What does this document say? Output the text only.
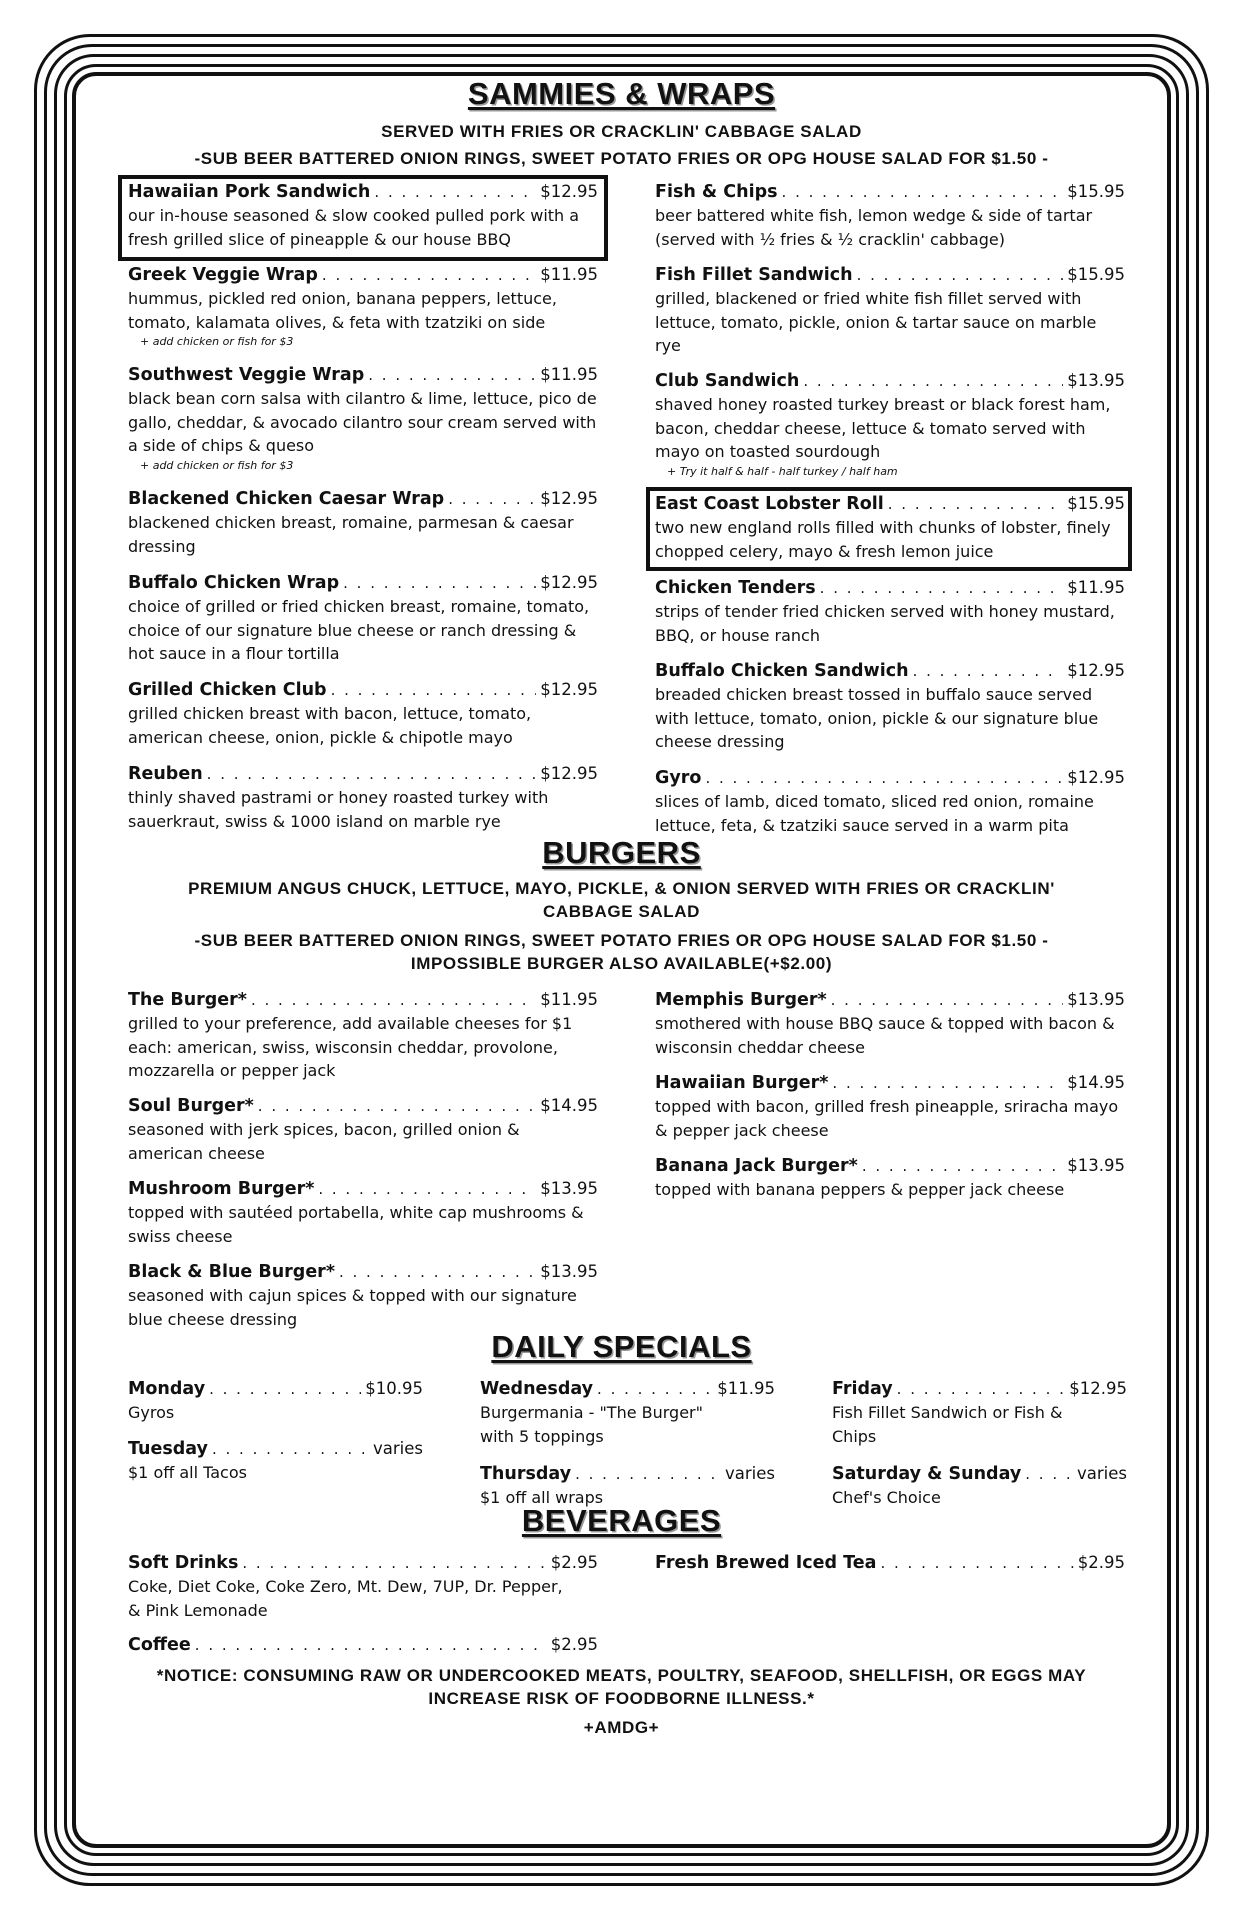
SAMMIES & WRAPS
SERVED WITH FRIES OR CRACKLIN' CABBAGE SALAD
-SUB BEER BATTERED ONION RINGS, SWEET POTATO FRIES OR OPG HOUSE SALAD FOR $1.50 -
Hawaiian Pork Sandwich . . .	$12.95
our in-house seasoned & slow cooked pulled pork with a fresh grilled slice of pineapple & our house BBQ
Greek Veggie Wrap . . .	$11.95
hummus, pickled red onion, banana peppers, lettuce, tomato, kalamata olives, & feta with tzatziki on side
+ add chicken or fish for $3
Southwest Veggie Wrap . . .	$11.95
black bean corn salsa with cilantro & lime, lettuce, pico de gallo, cheddar, & avocado cilantro sour cream served with a side of chips & queso
+ add chicken or fish for $3
Blackened Chicken Caesar Wrap . . .	$12.95
blackened chicken breast, romaine, parmesan & caesar dressing
Buffalo Chicken Wrap . . .	$12.95
choice of grilled or fried chicken breast, romaine, tomato, choice of our signature blue cheese or ranch dressing & hot sauce in a flour tortilla
Grilled Chicken Club . . .	$12.95
grilled chicken breast with bacon, lettuce, tomato, american cheese, onion, pickle & chipotle mayo
Reuben . . .	$12.95
thinly shaved pastrami or honey roasted turkey with sauerkraut, swiss & 1000 island on marble rye
Fish & Chips . . .	$15.95
beer battered white fish, lemon wedge & side of tartar (served with ½ fries & ½ cracklin' cabbage)
Fish Fillet Sandwich . . .	$15.95
grilled, blackened or fried white fish fillet served with lettuce, tomato, pickle, onion & tartar sauce on marble rye
Club Sandwich . . .	$13.95
shaved honey roasted turkey breast or black forest ham, bacon, cheddar cheese, lettuce & tomato served with mayo on toasted sourdough
+ Try it half & half - half turkey / half ham
East Coast Lobster Roll . . .	$15.95
two new england rolls filled with chunks of lobster, finely chopped celery, mayo & fresh lemon juice
Chicken Tenders . . .	$11.95
strips of tender fried chicken served with honey mustard, BBQ, or house ranch
Buffalo Chicken Sandwich . . .	$12.95
breaded chicken breast tossed in buffalo sauce served with lettuce, tomato, onion, pickle & our signature blue cheese dressing
Gyro . . .	$12.95
slices of lamb, diced tomato, sliced red onion, romaine lettuce, feta, & tzatziki sauce served in a warm pita
BURGERS
PREMIUM ANGUS CHUCK, LETTUCE, MAYO, PICKLE, & ONION SERVED WITH FRIES OR CRACKLIN' CABBAGE SALAD
-SUB BEER BATTERED ONION RINGS, SWEET POTATO FRIES OR OPG HOUSE SALAD FOR $1.50 - IMPOSSIBLE BURGER ALSO AVAILABLE(+$2.00)
The Burger* . . .	$11.95
grilled to your preference, add available cheeses for $1 each: american, swiss, wisconsin cheddar, provolone, mozzarella or pepper jack
Soul Burger* . . .	$14.95
seasoned with jerk spices, bacon, grilled onion & american cheese
Mushroom Burger* . . .	$13.95
topped with sautéed portabella, white cap mushrooms & swiss cheese
Black & Blue Burger* . . .	$13.95
seasoned with cajun spices & topped with our signature blue cheese dressing
Memphis Burger* . . .	$13.95
smothered with house BBQ sauce & topped with bacon & wisconsin cheddar cheese
Hawaiian Burger* . . .	$14.95
topped with bacon, grilled fresh pineapple, sriracha mayo & pepper jack cheese
Banana Jack Burger* . . .	$13.95
topped with banana peppers & pepper jack cheese
DAILY SPECIALS
Monday . . .	$10.95
Gyros
Tuesday . . .	varies
$1 off all Tacos
Wednesday . . .	$11.95
Burgermania - "The Burger" with 5 toppings
Thursday . . .	varies
$1 off all wraps
Friday . . .	$12.95
Fish Fillet Sandwich or Fish & Chips
Saturday & Sunday . . .	varies
Chef's Choice
BEVERAGES
Soft Drinks . . .	$2.95
Coke, Diet Coke, Coke Zero, Mt. Dew, 7UP, Dr. Pepper, & Pink Lemonade
Coffee . . .	$2.95
Fresh Brewed Iced Tea . . .	$2.95
*NOTICE: CONSUMING RAW OR UNDERCOOKED MEATS, POULTRY, SEAFOOD, SHELLFISH, OR EGGS MAY INCREASE RISK OF FOODBORNE ILLNESS.*
+AMDG+
